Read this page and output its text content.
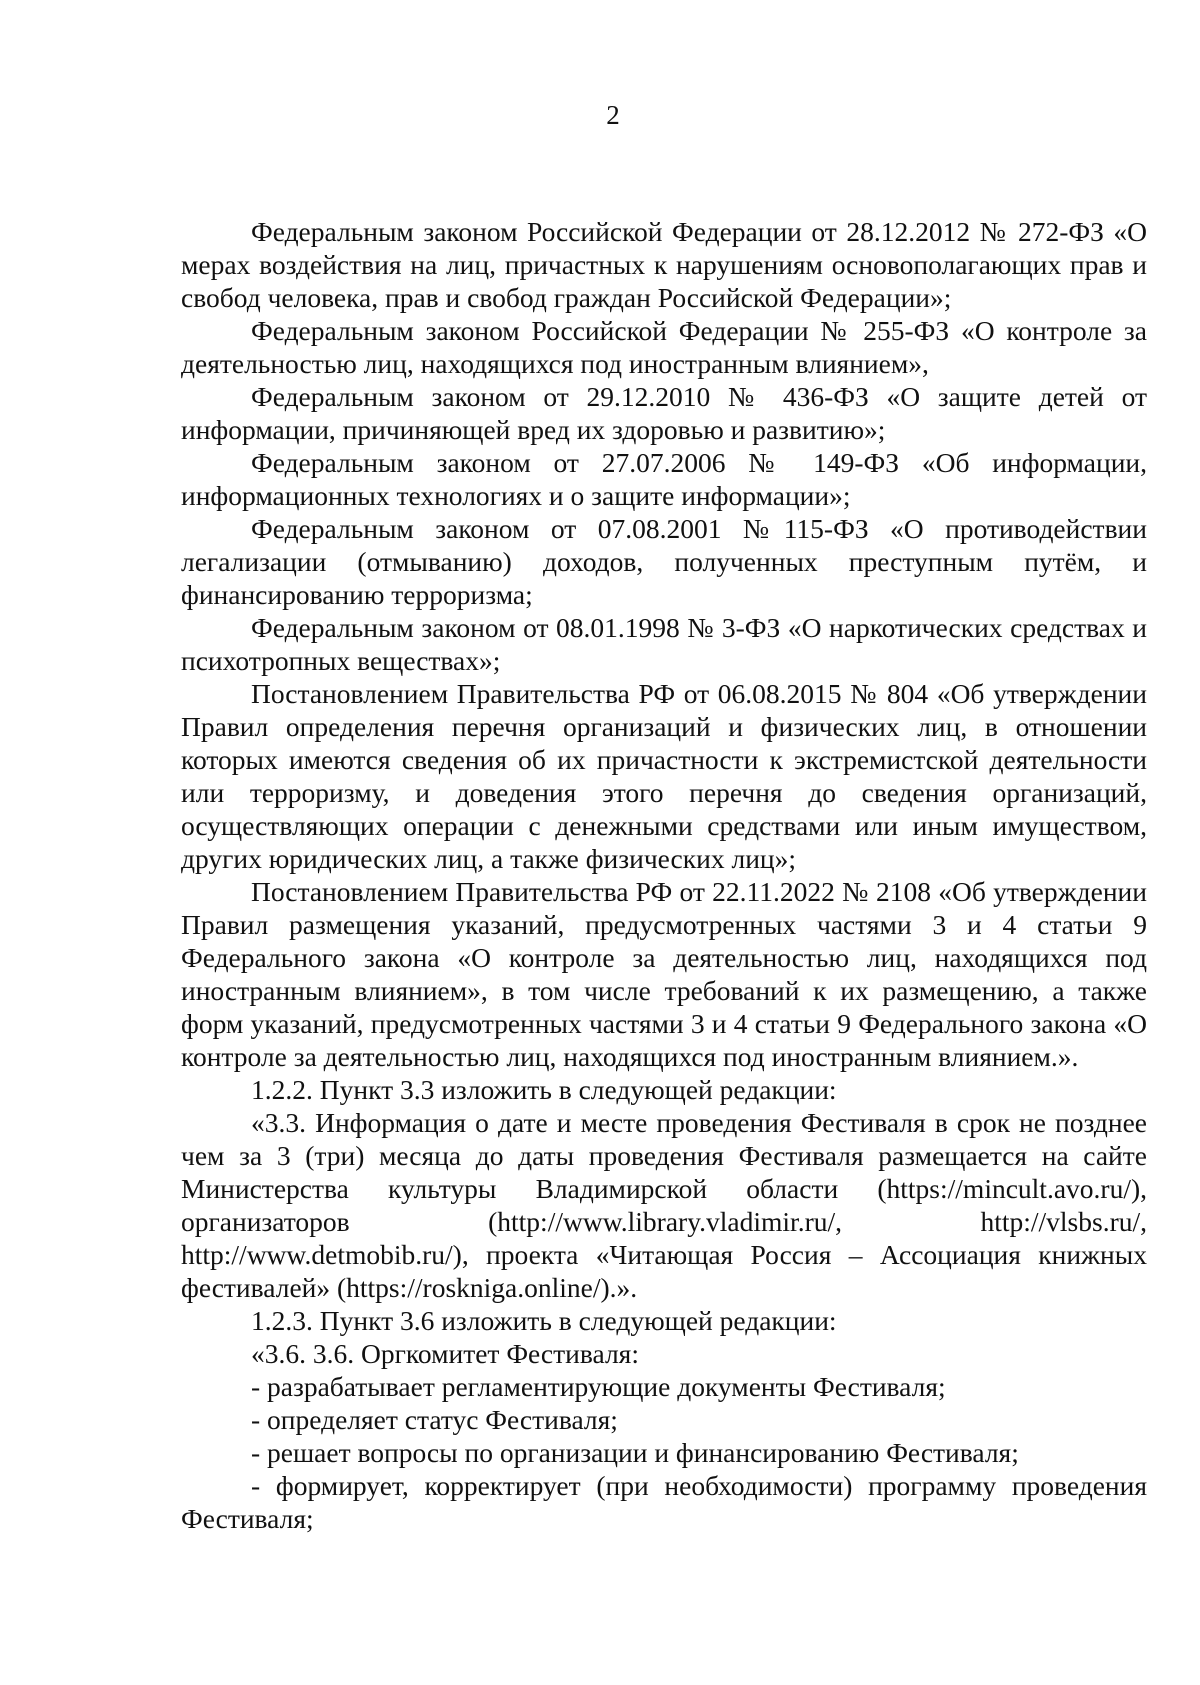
2

Федеральным законом Российской Федерации от 28.12.2012 № 272-ФЗ «О мерах воздействия на лиц, причастных к нарушениям основополагающих прав и свобод человека, прав и свобод граждан Российской Федерации»;

Федеральным законом Российской Федерации № 255-ФЗ «О контроле за деятельностью лиц, находящихся под иностранным влиянием»,

Федеральным законом от 29.12.2010 № 436-ФЗ «О защите детей от информации, причиняющей вред их здоровью и развитию»;

Федеральным законом от 27.07.2006 № 149-ФЗ «Об информации, информационных технологиях и о защите информации»;

Федеральным законом от 07.08.2001 №115-ФЗ «О противодействии легализации (отмыванию) доходов, полученных преступным путём, и финансированию терроризма;

Федеральным законом от 08.01.1998 № 3-ФЗ «О наркотических средствах и психотропных веществах»;

Постановлением Правительства РФ от 06.08.2015 № 804 «Об утверждении Правил определения перечня организаций и физических лиц, в отношении которых имеются сведения об их причастности к экстремистской деятельности или терроризму, и доведения этого перечня до сведения организаций, осуществляющих операции с денежными средствами или иным имуществом, других юридических лиц, а также физических лиц»;

Постановлением Правительства РФ от 22.11.2022 № 2108 «Об утверждении Правил размещения указаний, предусмотренных частями 3 и 4 статьи 9 Федерального закона «О контроле за деятельностью лиц, находящихся под иностранным влиянием», в том числе требований к их размещению, а также форм указаний, предусмотренных частями 3 и 4 статьи 9 Федерального закона «О контроле за деятельностью лиц, находящихся под иностранным влиянием.».

1.2.2. Пункт 3.3 изложить в следующей редакции:

«3.3. Информация о дате и месте проведения Фестиваля в срок не позднее чем за 3 (три) месяца до даты проведения Фестиваля размещается на сайте Министерства культуры Владимирской области (https://mincult.avo.ru/), организаторов (http://www.library.vladimir.ru/, http://vlsbs.ru/, http://www.detmobib.ru/), проекта «Читающая Россия – Ассоциация книжных фестивалей» (https://roskniga.online/).».

1.2.3. Пункт 3.6 изложить в следующей редакции:

«3.6. 3.6. Оргкомитет Фестиваля:

- разрабатывает регламентирующие документы Фестиваля;

- определяет статус Фестиваля;

- решает вопросы по организации и финансированию Фестиваля;

- формирует, корректирует (при необходимости) программу проведения Фестиваля;
